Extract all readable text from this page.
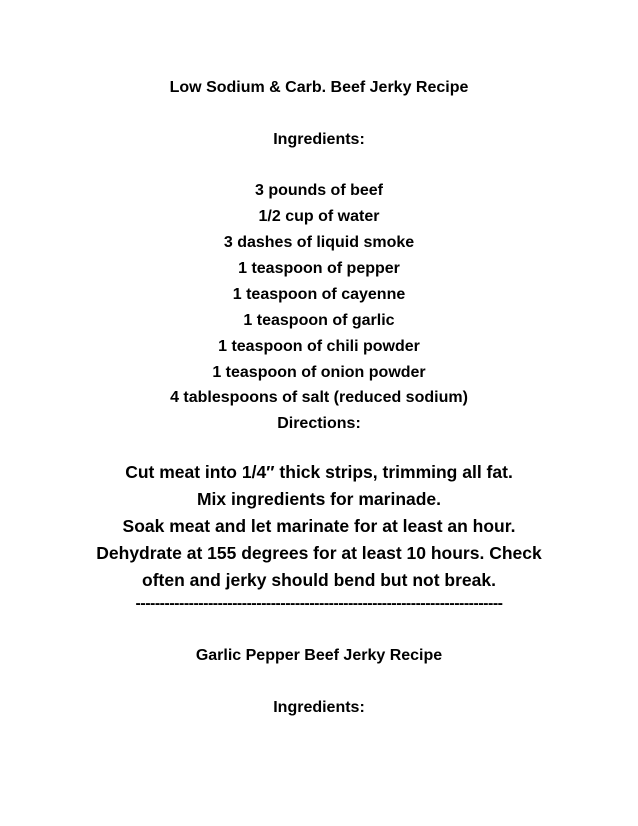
Low Sodium & Carb. Beef Jerky Recipe
Ingredients:
3 pounds of beef
1/2 cup of water
3 dashes of liquid smoke
1 teaspoon of pepper
1 teaspoon of cayenne
1 teaspoon of garlic
1 teaspoon of chili powder
1 teaspoon of onion powder
4 tablespoons of salt (reduced sodium)
Directions:
Cut meat into 1/4″ thick strips, trimming all fat.
Mix ingredients for marinade.
Soak meat and let marinate for at least an hour.
Dehydrate at 155 degrees for at least 10 hours. Check
often and jerky should bend but not break.
----------------------------------------------------------------------------
Garlic Pepper Beef Jerky Recipe
Ingredients:
